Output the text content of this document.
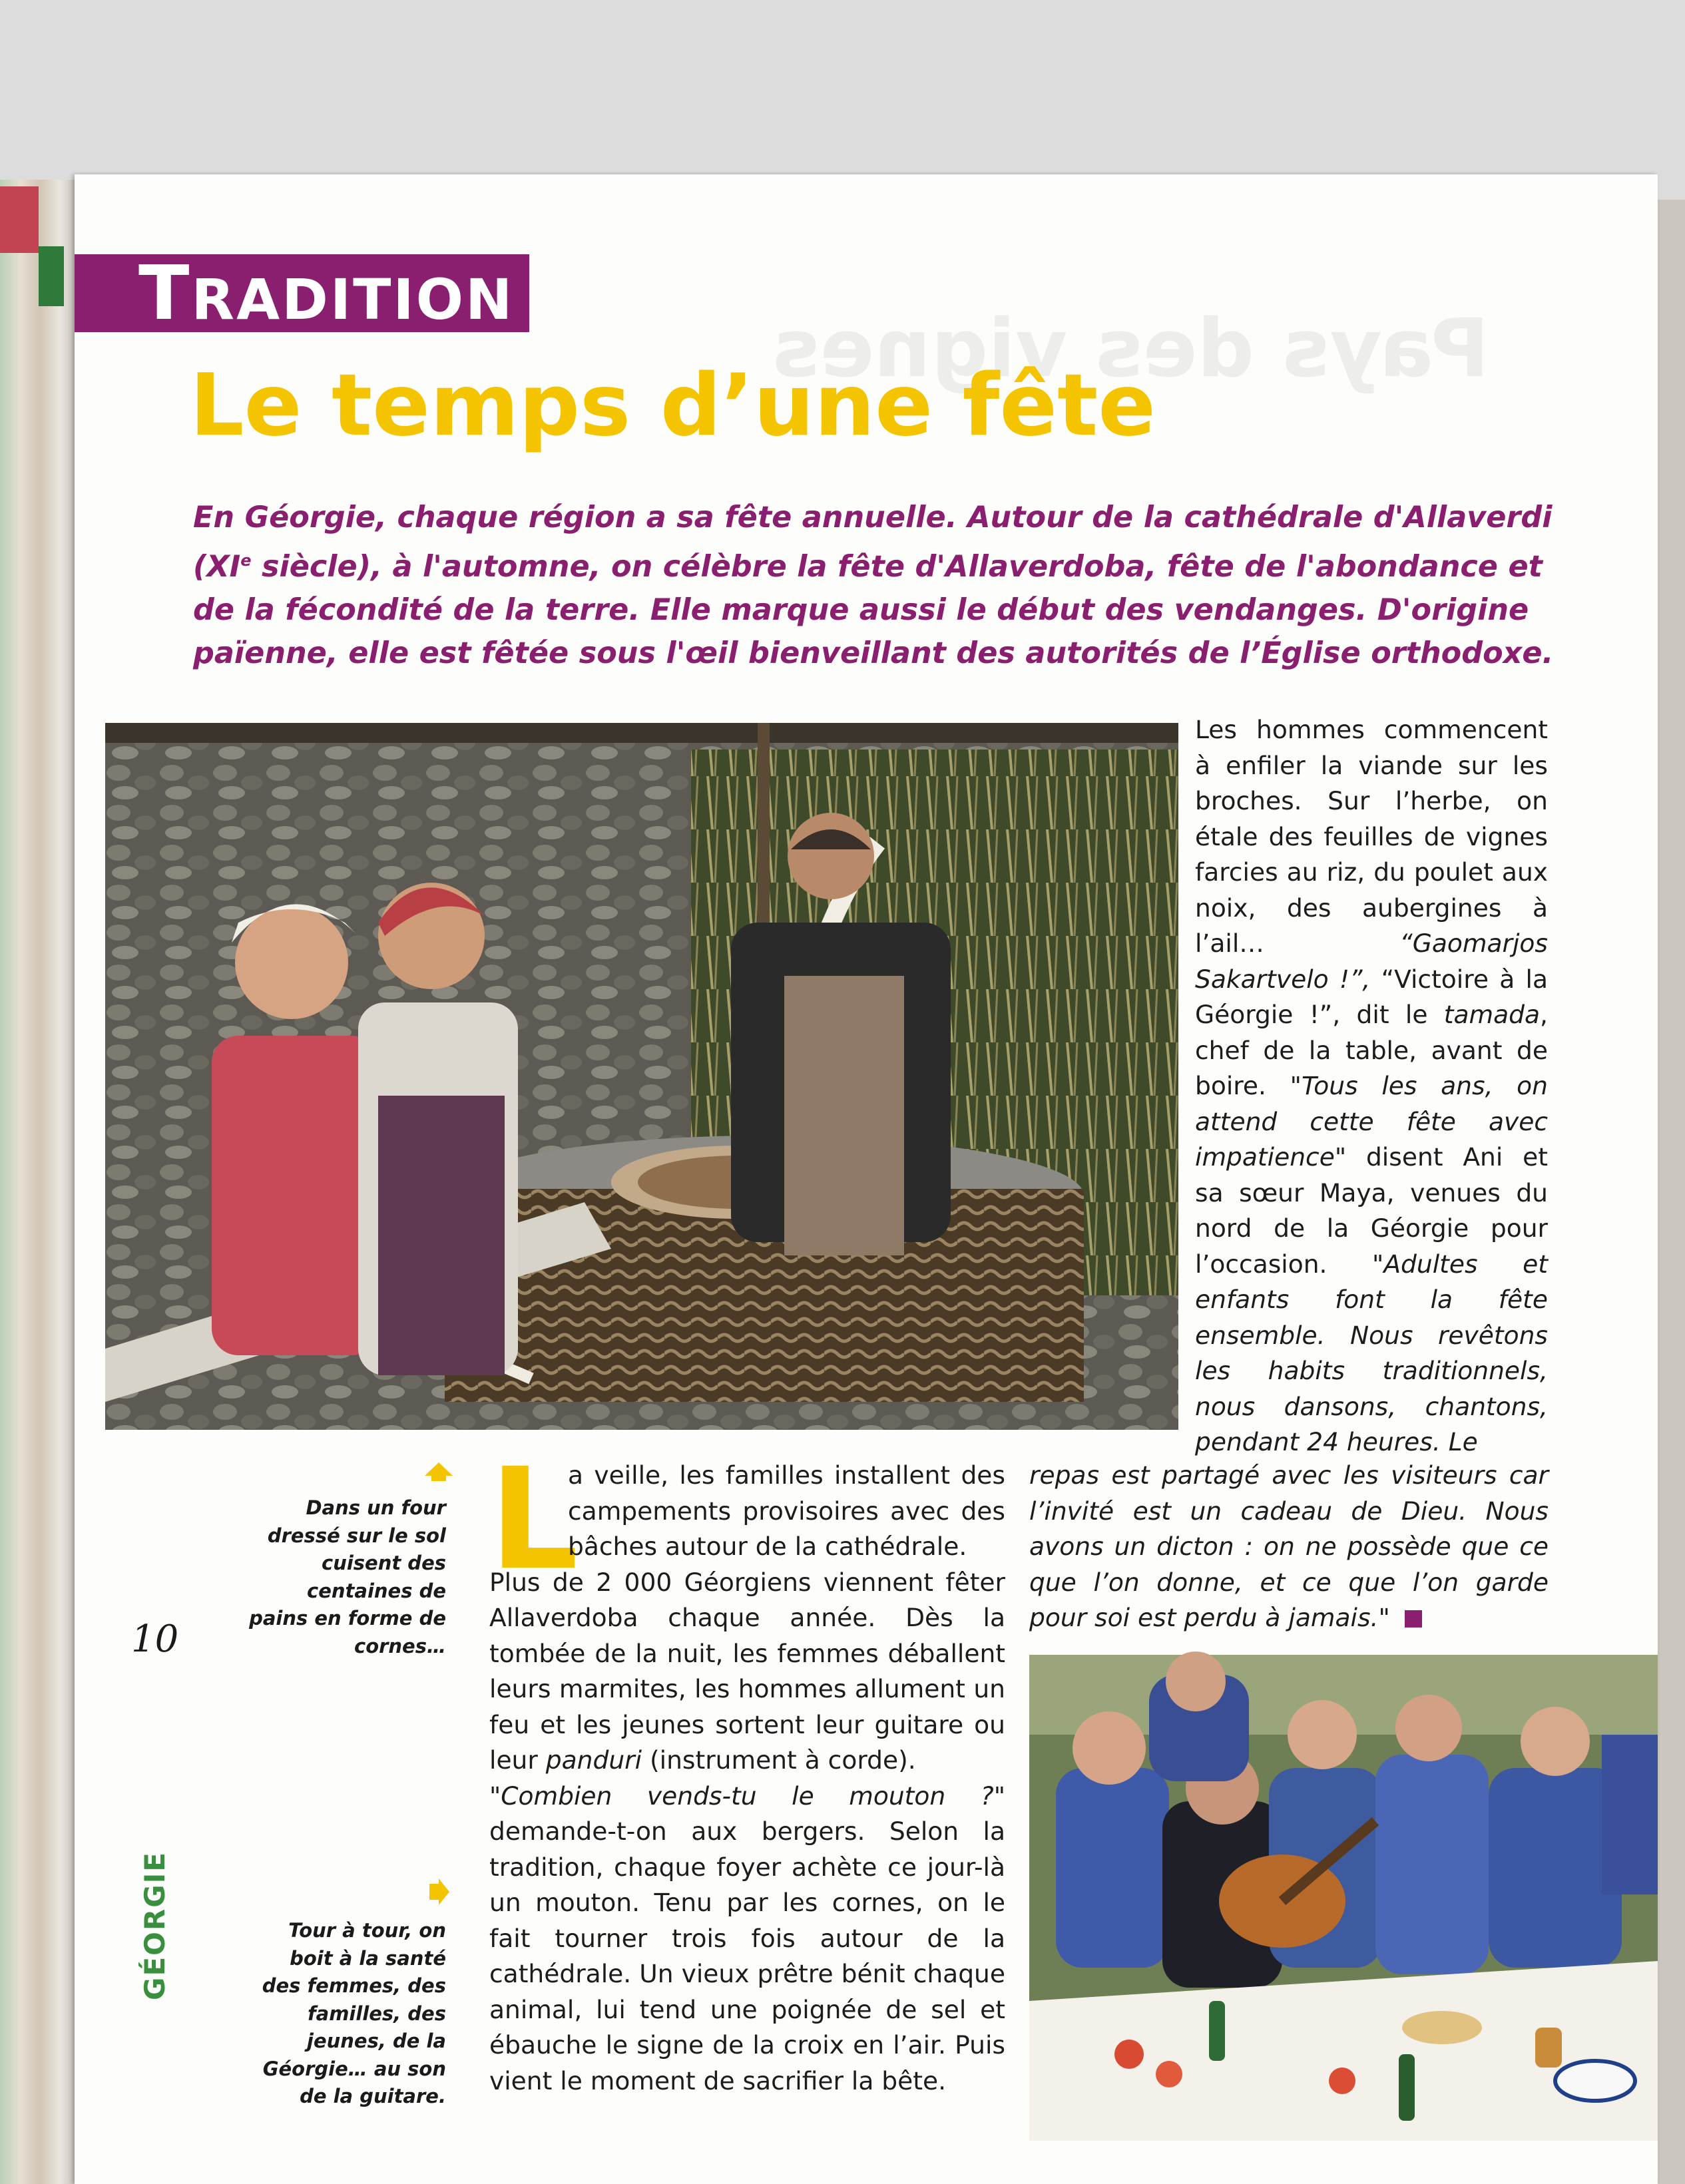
Pays des vignes
TRADITION
Le temps d’une fête
En Géorgie, chaque région a sa fête annuelle. Autour de la cathédrale d'Allaverdi (XIe siècle), à l'automne, on célèbre la fête d'Allaverdoba, fête de l'abondance et de la fécondité de la terre. Elle marque aussi le début des vendanges. D'origine païenne, elle est fêtée sous l'œil bienveillant des autorités de l’Église orthodoxe.
Les hommes commencent à enfiler la viande sur les broches. Sur l’herbe, on étale des feuilles de vignes farcies au riz, du poulet aux noix, des aubergines à l’ail…	“Gaomarjos Sakartvelo !”, “Victoire à la Géorgie !”, dit le tamada, chef de la table, avant de boire. "Tous les ans, on attend cette fête avec impatience" disent Ani et sa sœur Maya, venues du nord de la Géorgie pour l’occasion. "Adultes et enfants font la fête ensemble. Nous revêtons les habits traditionnels, nous dansons, chantons, pendant 24 heures. Le
repas est partagé avec les visiteurs car l’invité est un cadeau de Dieu. Nous avons un dicton : on ne possède que ce que l’on donne, et ce que l’on garde pour soi est perdu à jamais."
L
a veille, les familles installent des campements provisoires avec des bâches autour de la cathédrale.
Plus de 2 000 Géorgiens viennent fêter Allaverdoba chaque année. Dès la tombée de la nuit, les femmes déballent leurs marmites, les hommes allument un feu et les jeunes sortent leur guitare ou leur panduri (instrument à corde).
"Combien vends-tu le mouton ?" demande-t-on aux bergers. Selon la tradition, chaque foyer achète ce jour-là un mouton. Tenu par les cornes, on le fait tourner trois fois autour de la cathédrale. Un vieux prêtre bénit chaque animal, lui tend une poignée de sel et ébauche le signe de la croix en l’air. Puis vient le moment de sacrifier la bête.
Dans un four dressé sur le sol cuisent des centaines de pains en forme de cornes…
Tour à tour, on boit à la santé des femmes, des familles, des jeunes, de la Géorgie… au son de la guitare.
10
GÉORGIE
